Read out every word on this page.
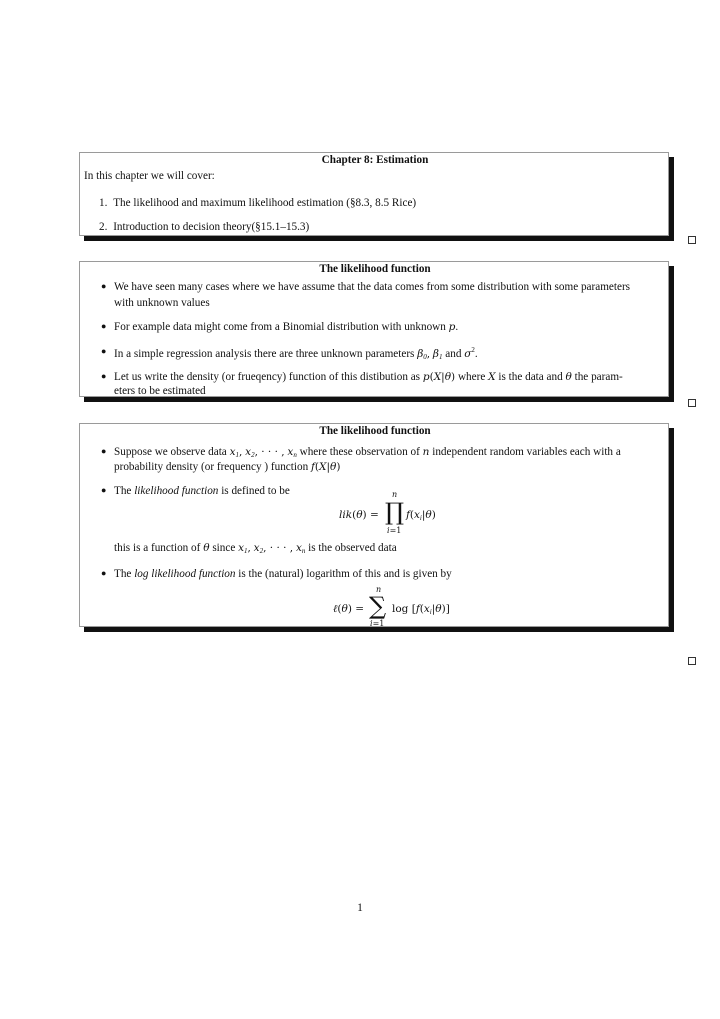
Chapter 8: Estimation
In this chapter we will cover:
1. The likelihood and maximum likelihood estimation (§8.3, 8.5 Rice)
2. Introduction to decision theory(§15.1–15.3)
The likelihood function
● We have seen many cases where we have assume that the data comes from some distribution with some parameters
with unknown values
● For example data might come from a Binomial distribution with unknown p.
● In a simple regression analysis there are three unknown parameters $\beta_0$, $\beta_1$ and $\sigma^2$.
● Let us write the density (or frueqency) function of this distibution as p(X|θ) where X is the data and θ the param-
eters to be estimated
The likelihood function
● Suppose we observe data $x_1$, $x_2$, · · · , $x_n$ where these observation of n independent random variables each with a
probability density (or frequency ) function f(X|θ)
● The likelihood function is defined to be
lik(θ) =
n
∏
i=1
$f(x_i|\theta)$
this is a function of θ since $x_1$, $x_2$, · · · , $x_n$ is the observed data
● The log likelihood function is the (natural) logarithm of this and is given by
ℓ(θ) =
n
∑
i=1
$\log [f(x_i|\theta)]$
1
